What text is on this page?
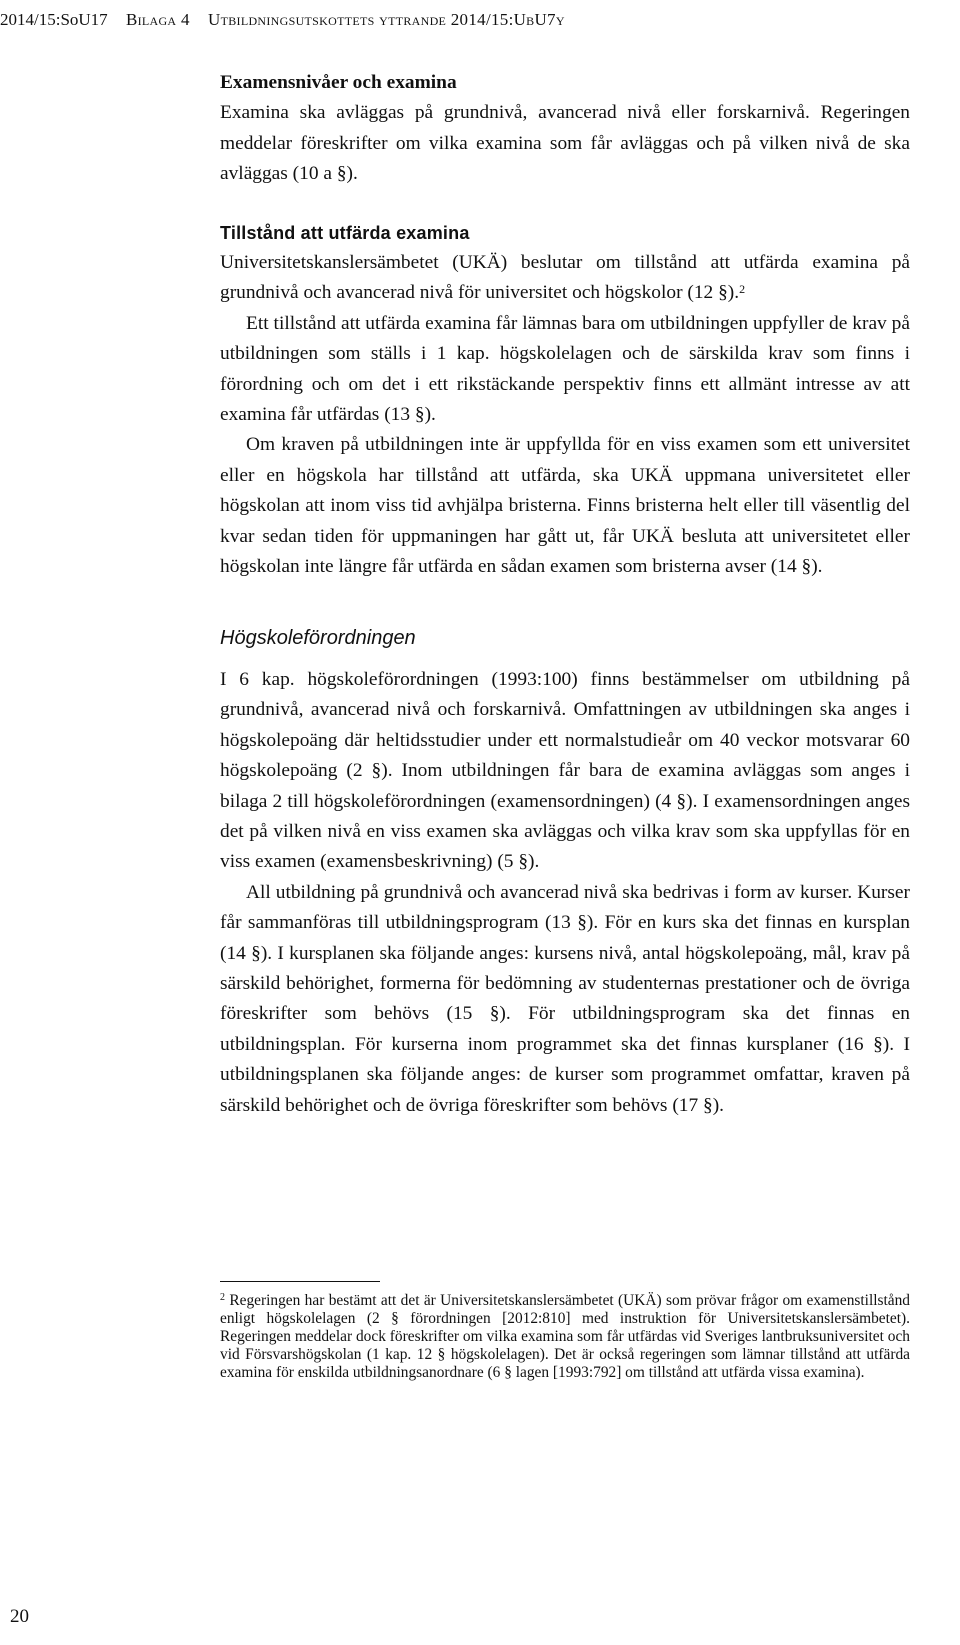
2014/15:SoU17 Bilaga 4 Utbildningsutskottets yttrande 2014/15:UbU7y
Examensnivåer och examina

Examina ska avläggas på grundnivå, avancerad nivå eller forskarnivå. Regeringen meddelar föreskrifter om vilka examina som får avläggas och på vilken nivå de ska avläggas (10 a §).

Tillstånd att utfärda examina

Universitetskanslersämbetet (UKÄ) beslutar om tillstånd att utfärda examina på grundnivå och avancerad nivå för universitet och högskolor (12 §).$^2$

Ett tillstånd att utfärda examina får lämnas bara om utbildningen uppfyller de krav på utbildningen som ställs i 1 kap. högskolelagen och de särskilda krav som finns i förordning och om det i ett rikstäckande perspektiv finns ett allmänt intresse av att examina får utfärdas (13 §).

Om kraven på utbildningen inte är uppfyllda för en viss examen som ett universitet eller en högskola har tillstånd att utfärda, ska UKÄ uppmana universitetet eller högskolan att inom viss tid avhjälpa bristerna. Finns bristerna helt eller till väsentlig del kvar sedan tiden för uppmaningen har gått ut, får UKÄ besluta att universitetet eller högskolan inte längre får utfärda en sådan examen som bristerna avser (14 §).

Högskoleförordningen

I 6 kap. högskoleförordningen (1993:100) finns bestämmelser om utbildning på grundnivå, avancerad nivå och forskarnivå. Omfattningen av utbildningen ska anges i högskolepoäng där heltidsstudier under ett normalstudieår om 40 veckor motsvarar 60 högskolepoäng (2 §). Inom utbildningen får bara de examina avläggas som anges i bilaga 2 till högskoleförordningen (examensordningen) (4 §). I examensordningen anges det på vilken nivå en viss examen ska avläggas och vilka krav som ska uppfyllas för en viss examen (examensbeskrivning) (5 §).

All utbildning på grundnivå och avancerad nivå ska bedrivas i form av kurser. Kurser får sammanföras till utbildningsprogram (13 §). För en kurs ska det finnas en kursplan (14 §). I kursplanen ska följande anges: kursens nivå, antal högskolepoäng, mål, krav på särskild behörighet, formerna för bedömning av studenternas prestationer och de övriga föreskrifter som behövs (15 §). För utbildningsprogram ska det finnas en utbildningsplan. För kurserna inom programmet ska det finnas kursplaner (16 §). I utbildningsplanen ska följande anges: de kurser som programmet omfattar, kraven på särskild behörighet och de övriga föreskrifter som behövs (17 §).

$^2$ Regeringen har bestämt att det är Universitetskanslersämbetet (UKÄ) som prövar frågor om examenstillstånd enligt högskolelagen (2 § förordningen [2012:810] med instruktion för Universitetskanslersämbetet). Regeringen meddelar dock föreskrifter om vilka examina som får utfärdas vid Sveriges lantbruksuniversitet och vid Försvarshögskolan (1 kap. 12 § högskolelagen). Det är också regeringen som lämnar tillstånd att utfärda examina för enskilda utbildningsanordnare (6 § lagen [1993:792] om tillstånd att utfärda vissa examina).
20
